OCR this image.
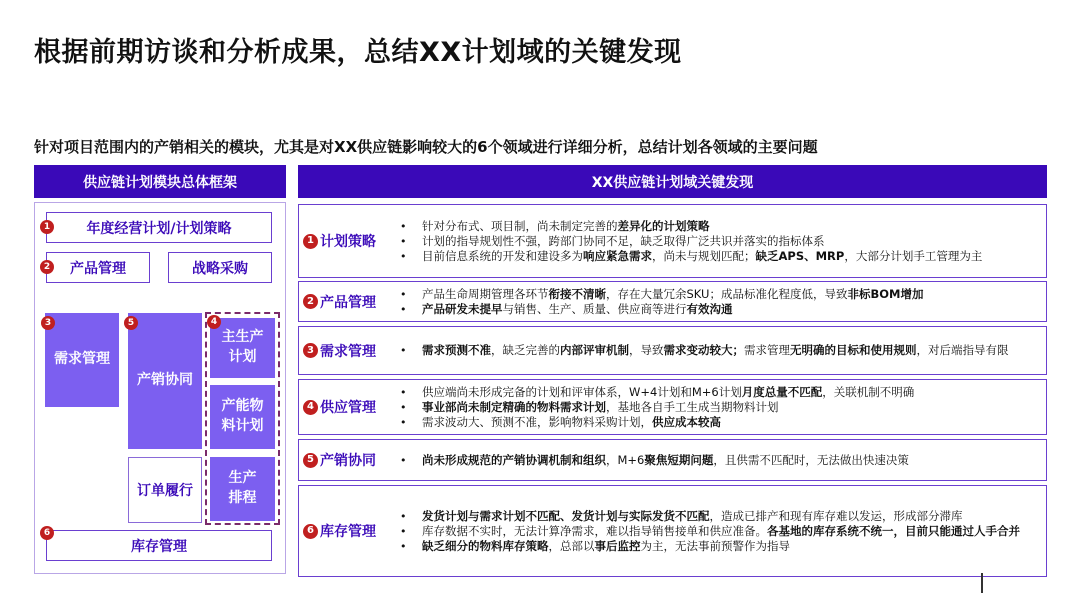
根据前期访谈和分析成果，总结XX计划域的关键发现
针对项目范围内的产销相关的模块，尤其是对XX供应链影响较大的6个领域进行详细分析，总结计划各领域的主要问题
供应链计划模块总体框架	XX供应链计划域关键发现
年度经营计划/计划策略
1
产品管理
2	战略采购
需求管理
3
产销协同
5
订单履行
主生产计划
4
产能物料计划
生产排程
库存管理
6
1 计划策略
• 针对分布式、项目制，尚未制定完善的差异化的计划策略
• 计划的指导规划性不强，跨部门协同不足，缺乏取得广泛共识并落实的指标体系
• 目前信息系统的开发和建设多为响应紧急需求，尚未与规划匹配；缺乏APS、MRP，大部分计划手工管理为主
2 产品管理
• 产品生命周期管理各环节衔接不清晰，存在大量冗余SKU；成品标准化程度低，导致非标BOM增加
• 产品研发未提早与销售、生产、质量、供应商等进行有效沟通
3 需求管理	• 需求预测不准，缺乏完善的内部评审机制，导致需求变动较大；需求管理无明确的目标和使用规则，对后端指导有限
4 供应管理
• 供应端尚未形成完备的计划和评审体系，W+4计划和M+6计划月度总量不匹配，关联机制不明确
• 事业部尚未制定精确的物料需求计划，基地各自手工生成当期物料计划
• 需求波动大、预测不准，影响物料采购计划，供应成本较高
5 产销协同	• 尚未形成规范的产销协调机制和组织，M+6聚焦短期问题，且供需不匹配时，无法做出快速决策
6 库存管理
• 发货计划与需求计划不匹配、发货计划与实际发货不匹配，造成已排产和现有库存难以发运，形成部分滞库
• 库存数据不实时，无法计算净需求，难以指导销售接单和供应准备。各基地的库存系统不统一，目前只能通过人手合并
• 缺乏细分的物料库存策略，总部以事后监控为主，无法事前预警作为指导
